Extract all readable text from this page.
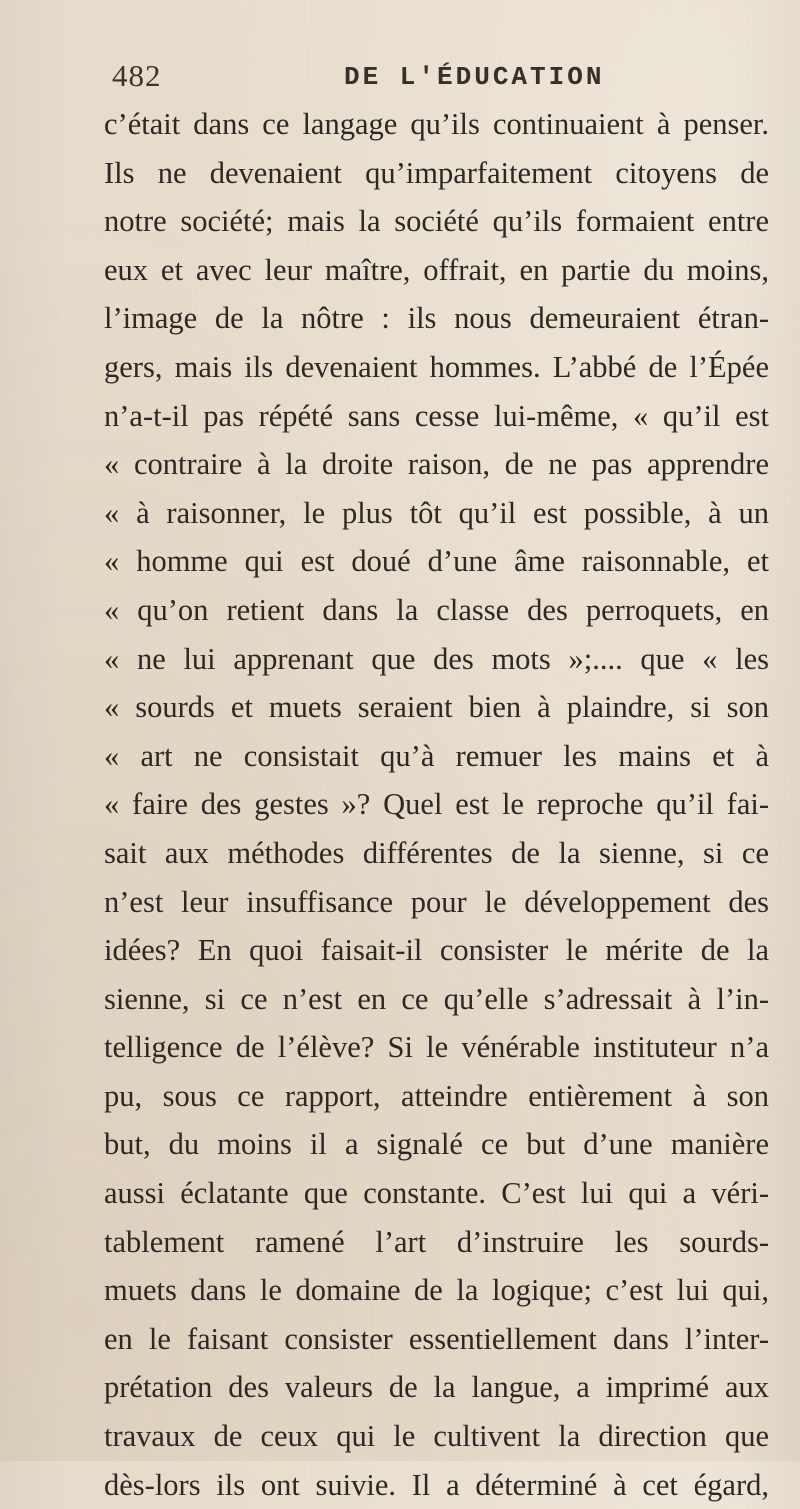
482	DE L'ÉDUCATION
c’était dans ce langage qu’ils continuaient à penser.
Ils ne devenaient qu’imparfaitement citoyens de
notre société; mais la société qu’ils formaient entre
eux et avec leur maître, offrait, en partie du moins,
l’image de la nôtre : ils nous demeuraient étran-
gers, mais ils devenaient hommes. L’abbé de l’Épée
n’a-t-il pas répété sans cesse lui-même, « qu’il est
« contraire à la droite raison, de ne pas apprendre
« à raisonner, le plus tôt qu’il est possible, à un
« homme qui est doué d’une âme raisonnable, et
« qu’on retient dans la classe des perroquets, en
« ne lui apprenant que des mots »;.... que « les
« sourds et muets seraient bien à plaindre, si son
« art ne consistait qu’à remuer les mains et à
« faire des gestes »? Quel est le reproche qu’il fai-
sait aux méthodes différentes de la sienne, si ce
n’est leur insuffisance pour le développement des
idées? En quoi faisait-il consister le mérite de la
sienne, si ce n’est en ce qu’elle s’adressait à l’in-
telligence de l’élève? Si le vénérable instituteur n’a
pu, sous ce rapport, atteindre entièrement à son
but, du moins il a signalé ce but d’une manière
aussi éclatante que constante. C’est lui qui a véri-
tablement ramené l’art d’instruire les sourds-
muets dans le domaine de la logique; c’est lui qui,
en le faisant consister essentiellement dans l’inter-
prétation des valeurs de la langue, a imprimé aux
travaux de ceux qui le cultivent la direction que
dès-lors ils ont suivie. Il a déterminé à cet égard,
